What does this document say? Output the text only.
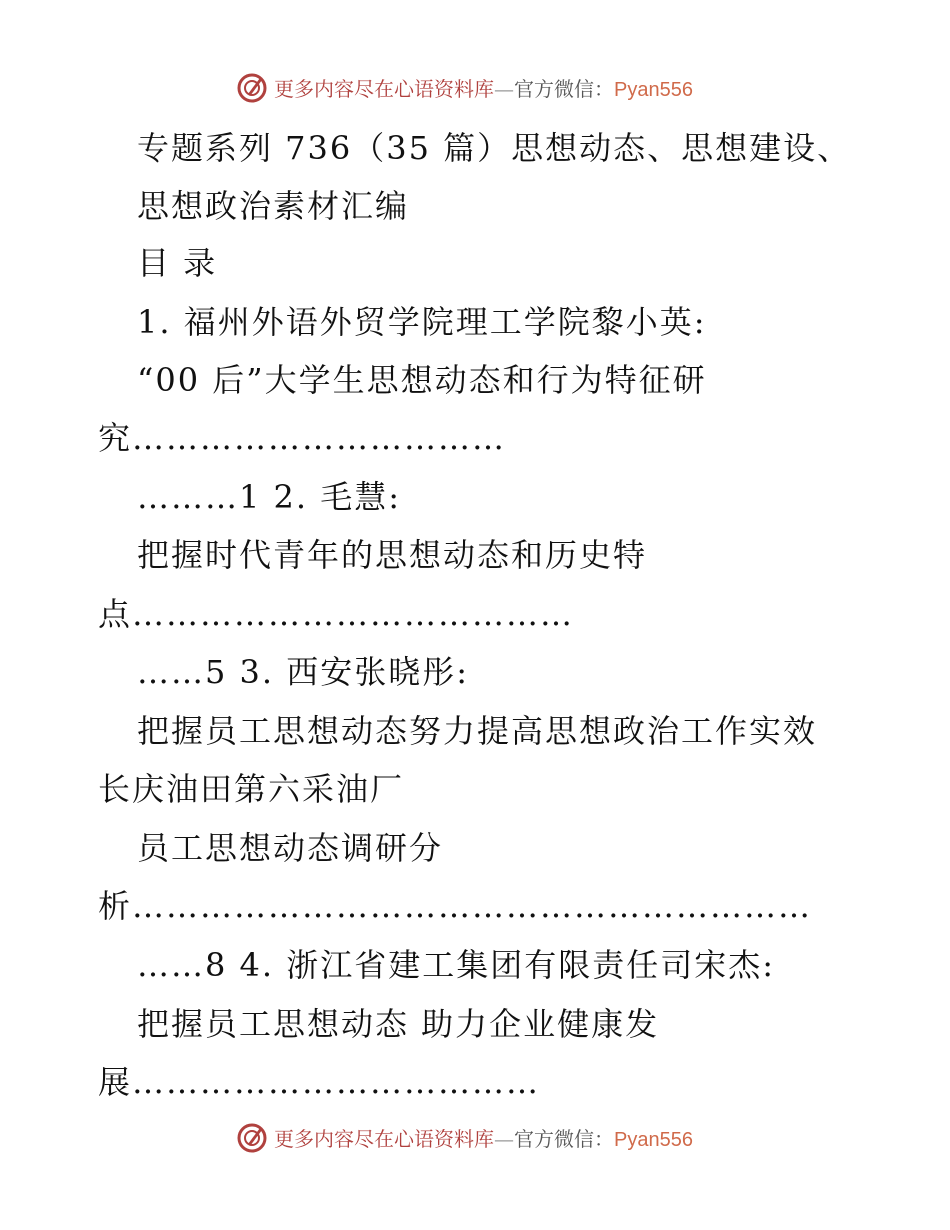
更多内容尽在心语资料库—官方微信：Pyan556
专题系列 736（35 篇）思想动态、思想建设、
思想政治素材汇编
目 录
1. 福州外语外贸学院理工学院黎小英:
“00 后”大学生思想动态和行为特征研
究……………………………
………1 2. 毛慧:
把握时代青年的思想动态和历史特
点…………………………………
……5 3. 西安张晓彤:
把握员工思想动态努力提高思想政治工作实效
长庆油田第六采油厂
员工思想动态调研分
析……………………………………………………
……8 4. 浙江省建工集团有限责任司宋杰:
把握员工思想动态 助力企业健康发
展………………………………
更多内容尽在心语资料库—官方微信：Pyan556
